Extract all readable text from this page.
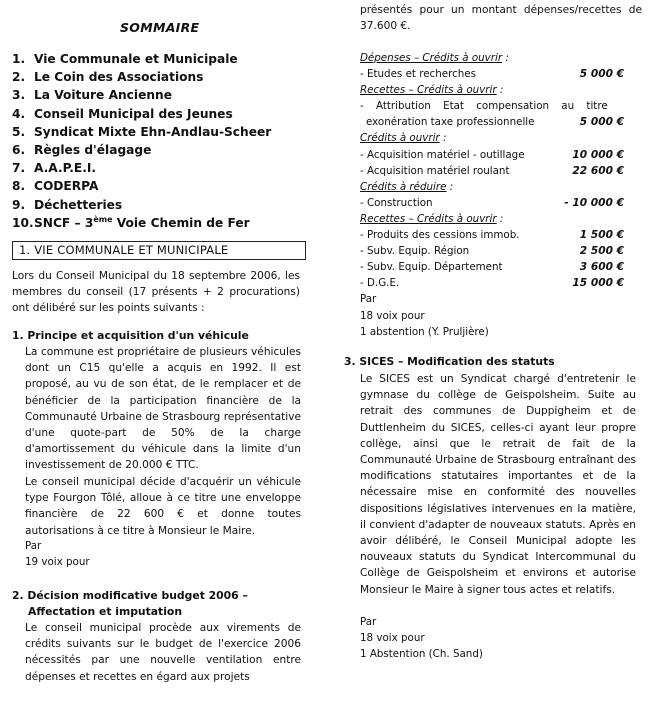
SOMMAIRE
1. Vie Communale et Municipale
2. Le Coin des Associations
3. La Voiture Ancienne
4. Conseil Municipal des Jeunes
5. Syndicat Mixte Ehn-Andlau-Scheer
6. Règles d'élagage
7. A.A.P.E.I.
8. CODERPA
9. Déchetteries
10.SNCF – 3ème Voie Chemin de Fer
1. VIE COMMUNALE ET MUNICIPALE
Lors du Conseil Municipal du 18 septembre 2006, les membres du conseil (17 présents + 2 procurations) ont délibéré sur les points suivants :
1. Principe et acquisition d'un véhicule
La commune est propriétaire de plusieurs véhicules dont un C15 qu'elle a acquis en 1992. Il est proposé, au vu de son état, de le remplacer et de bénéficier de la participation financière de la Communauté Urbaine de Strasbourg représentative d'une quote-part de 50% de la charge d'amortissement du véhicule dans la limite d'un investissement de 20.000 € TTC.
Le conseil municipal décide d'acquérir un véhicule type Fourgon Tôlé, alloue à ce titre une enveloppe financière de 22 600 € et donne toutes autorisations à ce titre à Monsieur le Maire.
Par
19 voix pour
2. Décision modificative budget 2006 –
Affectation et imputation
Le conseil municipal procède aux virements de crédits suivants sur le budget de l'exercice 2006 nécessités par une nouvelle ventilation entre dépenses et recettes en égard aux projets
présentés pour un montant dépenses/recettes de 37.600 €.
Dépenses – Crédits à ouvrir :
- Etudes et recherches	5 000 €
Recettes – Crédits à ouvrir :
- Attribution Etat compensation au titre
exonération taxe professionnelle	5 000 €
Crédits à ouvrir :
- Acquisition matériel - outillage	10 000 €
- Acquisition matériel roulant	22 600 €
Crédits à réduire :
- Construction	- 10 000 €
Recettes – Crédits à ouvrir :
- Produits des cessions immob.	1 500 €
- Subv. Equip. Région	2 500 €
- Subv. Equip. Département	3 600 €
- D.G.E.	15 000 €
Par
18 voix pour
1 abstention (Y. Pruljière)
3. SICES – Modification des statuts
Le SICES est un Syndicat chargé d'entretenir le gymnase du collège de Geispolsheim. Suite au retrait des communes de Duppigheim et de Duttlenheim du SICES, celles-ci ayant leur propre collège, ainsi que le retrait de fait de la Communauté Urbaine de Strasbourg entraînant des modifications statutaires importantes et de la nécessaire mise en conformité des nouvelles dispositions législatives intervenues en la matière, il convient d'adapter de nouveaux statuts. Après en avoir délibéré, le Conseil Municipal adopte les nouveaux statuts du Syndicat Intercommunal du Collège de Geispolsheim et environs et autorise Monsieur le Maire à signer tous actes et relatifs.
Par
18 voix pour
1 Abstention (Ch. Sand)
